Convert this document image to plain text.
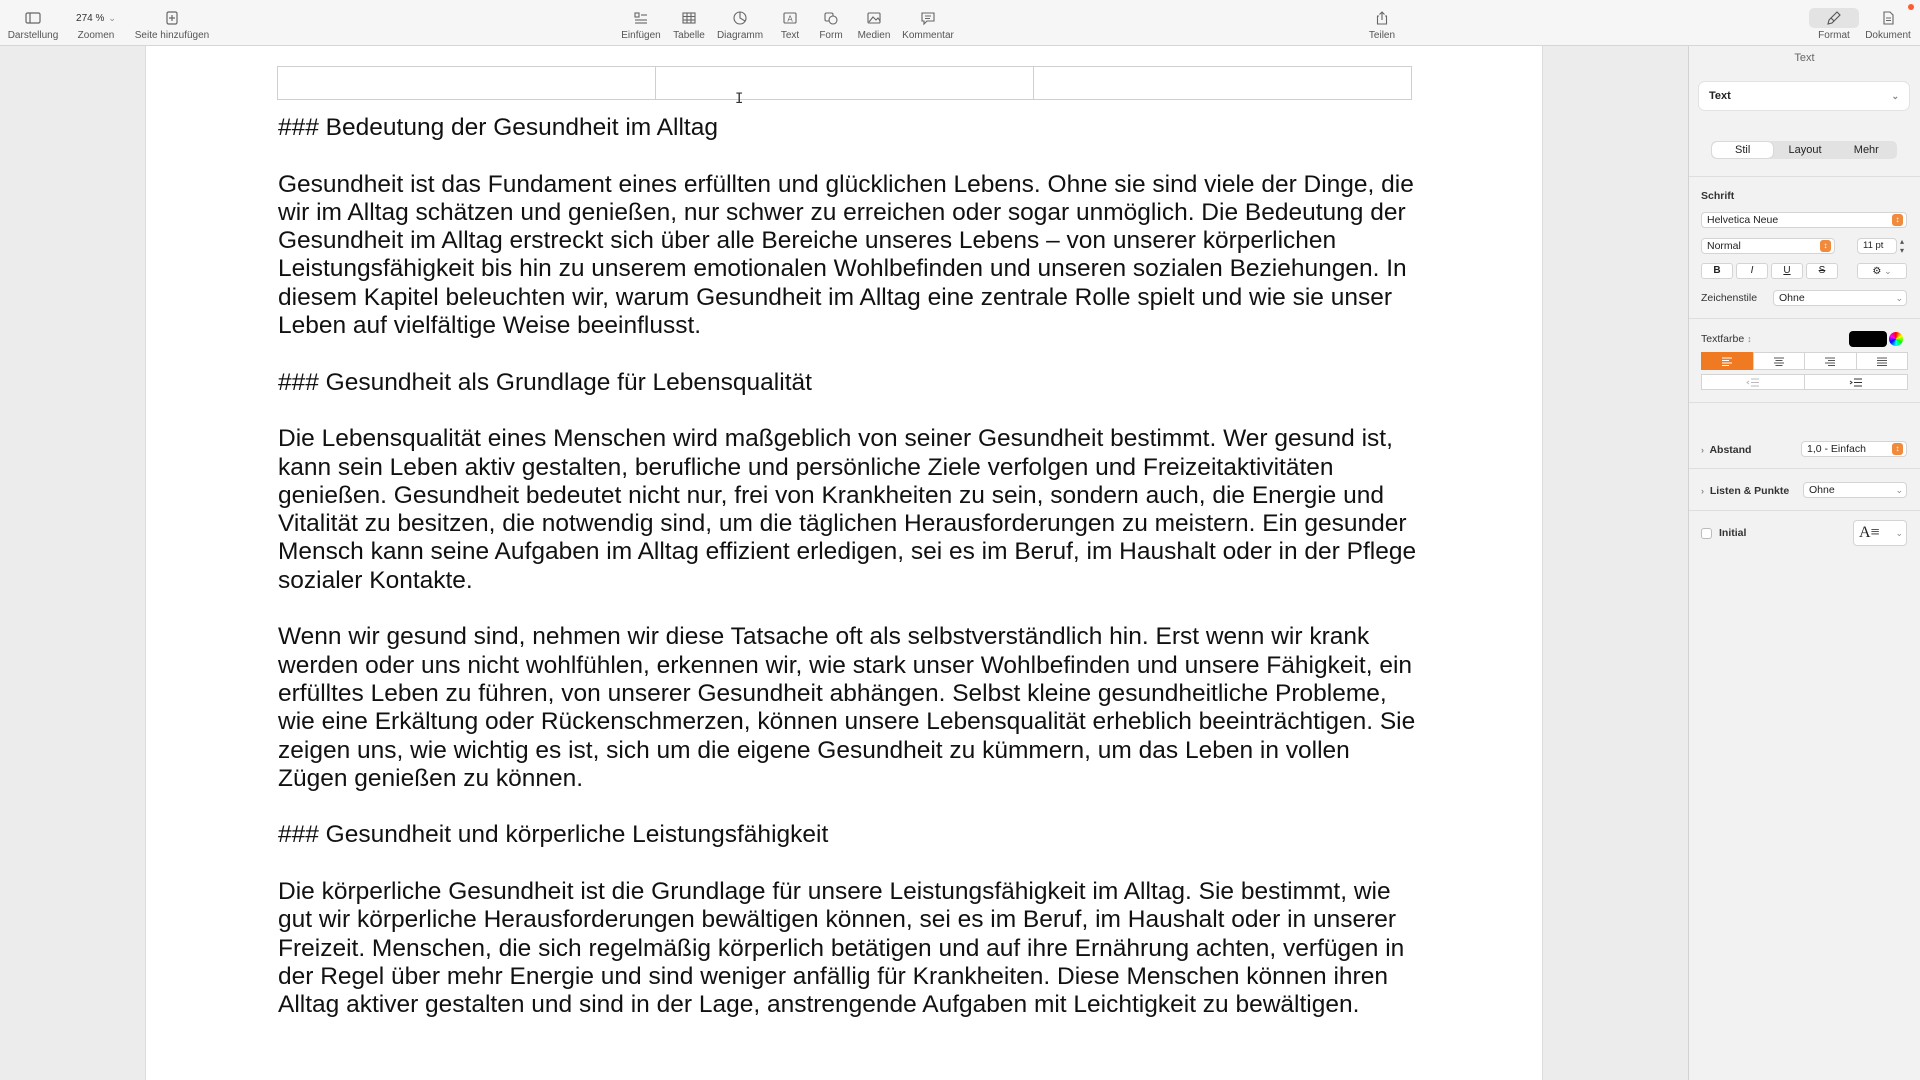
Darstellung
274 % ⌄
Zoomen Seite hinzufügen	Einfügen Tabelle Diagramm
A
Text Form Medien Kommentar	Teilen	Format Dokument
I

### Bedeutung der Gesundheit im Alltag

Gesundheit ist das Fundament eines erfüllten und glücklichen Lebens. Ohne sie sind viele der Dinge, die wir im Alltag schätzen und genießen, nur schwer zu erreichen oder sogar unmöglich. Die Bedeutung der Gesundheit im Alltag erstreckt sich über alle Bereiche unseres Lebens – von unserer körperlichen Leistungsfähigkeit bis hin zu unserem emotionalen Wohlbefinden und unseren sozialen Beziehungen. In diesem Kapitel beleuchten wir, warum Gesundheit im Alltag eine zentrale Rolle spielt und wie sie unser Leben auf vielfältige Weise beeinflusst.

### Gesundheit als Grundlage für Lebensqualität

Die Lebensqualität eines Menschen wird maßgeblich von seiner Gesundheit bestimmt. Wer gesund ist, kann sein Leben aktiv gestalten, berufliche und persönliche Ziele verfolgen und Freizeitaktivitäten genießen. Gesundheit bedeutet nicht nur, frei von Krankheiten zu sein, sondern auch, die Energie und Vitalität zu besitzen, die notwendig sind, um die täglichen Herausforderungen zu meistern. Ein gesunder Mensch kann seine Aufgaben im Alltag effizient erledigen, sei es im Beruf, im Haushalt oder in der Pflege sozialer Kontakte.

Wenn wir gesund sind, nehmen wir diese Tatsache oft als selbstverständlich hin. Erst wenn wir krank werden oder uns nicht wohlfühlen, erkennen wir, wie stark unser Wohlbefinden und unsere Fähigkeit, ein erfülltes Leben zu führen, von unserer Gesundheit abhängen. Selbst kleine gesundheitliche Probleme, wie eine Erkältung oder Rückenschmerzen, können unsere Lebensqualität erheblich beeinträchtigen. Sie zeigen uns, wie wichtig es ist, sich um die eigene Gesundheit zu kümmern, um das Leben in vollen Zügen genießen zu können.

### Gesundheit und körperliche Leistungsfähigkeit

Die körperliche Gesundheit ist die Grundlage für unsere Leistungsfähigkeit im Alltag. Sie bestimmt, wie gut wir körperliche Herausforderungen bewältigen können, sei es im Beruf, im Haushalt oder in unserer Freizeit. Menschen, die sich regelmäßig körperlich betätigen und auf ihre Ernährung achten, verfügen in der Regel über mehr Energie und sind weniger anfällig für Krankheiten. Diese Menschen können ihren Alltag aktiver gestalten und sind in der Lage, anstrengende Aufgaben mit Leichtigkeit zu bewältigen.

Text
Text	⌄
Stil	Layout	Mehr
Schrift
Helvetica Neue	↕
Normal	↕	11 pt ▴
▾
B	I	U	S	⚙ ⌄
Zeichenstile Ohne	⌄
Textfarbe ↕
› Abstand	1,0 - Einfach	↕
› Listen & Punkte Ohne	⌄
Initial	A≡ ⌄
